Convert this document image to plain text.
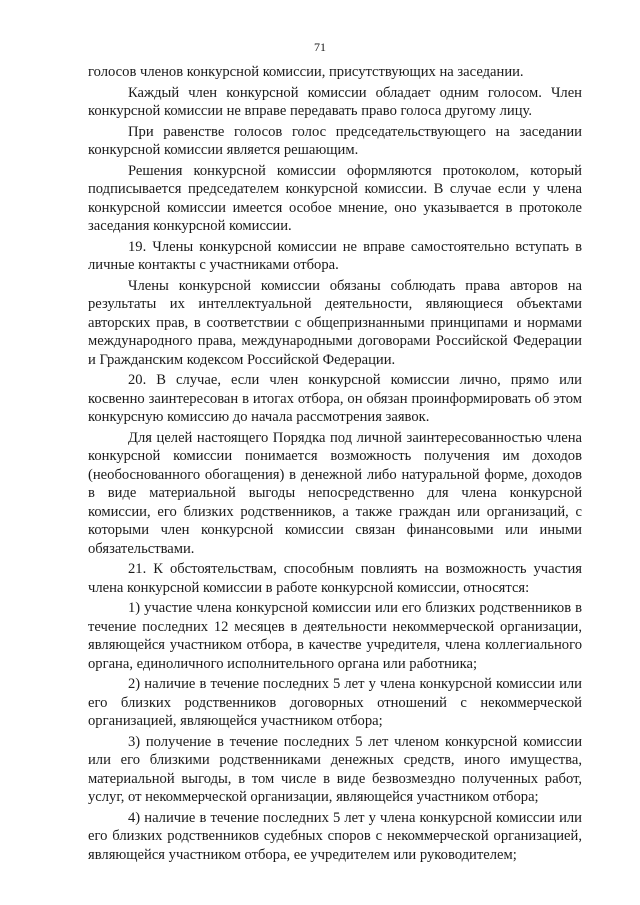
71

голосов членов конкурсной комиссии, присутствующих на заседании.

Каждый член конкурсной комиссии обладает одним голосом. Член конкурсной комиссии не вправе передавать право голоса другому лицу.

При равенстве голосов голос председательствующего на заседании конкурсной комиссии является решающим.

Решения конкурсной комиссии оформляются протоколом, который подписывается председателем конкурсной комиссии. В случае если у члена конкурсной комиссии имеется особое мнение, оно указывается в протоколе заседания конкурсной комиссии.

19. Члены конкурсной комиссии не вправе самостоятельно вступать в личные контакты с участниками отбора.

Члены конкурсной комиссии обязаны соблюдать права авторов на результаты их интеллектуальной деятельности, являющиеся объектами авторских прав, в соответствии с общепризнанными принципами и нормами международного права, международными договорами Российской Федерации и Гражданским кодексом Российской Федерации.

20. В случае, если член конкурсной комиссии лично, прямо или косвенно заинтересован в итогах отбора, он обязан проинформировать об этом конкурсную комиссию до начала рассмотрения заявок.

Для целей настоящего Порядка под личной заинтересованностью члена конкурсной комиссии понимается возможность получения им доходов (необоснованного обогащения) в денежной либо натуральной форме, доходов в виде материальной выгоды непосредственно для члена конкурсной комиссии, его близких родственников, а также граждан или организаций, с которыми член конкурсной комиссии связан финансовыми или иными обязательствами.

21. К обстоятельствам, способным повлиять на возможность участия члена конкурсной комиссии в работе конкурсной комиссии, относятся:

1) участие члена конкурсной комиссии или его близких родственников в течение последних 12 месяцев в деятельности некоммерческой организации, являющейся участником отбора, в качестве учредителя, члена коллегиального органа, единоличного исполнительного органа или работника;

2) наличие в течение последних 5 лет у члена конкурсной комиссии или его близких родственников договорных отношений с некоммерческой организацией, являющейся участником отбора;

3) получение в течение последних 5 лет членом конкурсной комиссии или его близкими родственниками денежных средств, иного имущества, материальной выгоды, в том числе в виде безвозмездно полученных работ, услуг, от некоммерческой организации, являющейся участником отбора;

4) наличие в течение последних 5 лет у члена конкурсной комиссии или его близких родственников судебных споров с некоммерческой организацией, являющейся участником отбора, ее учредителем или руководителем;
